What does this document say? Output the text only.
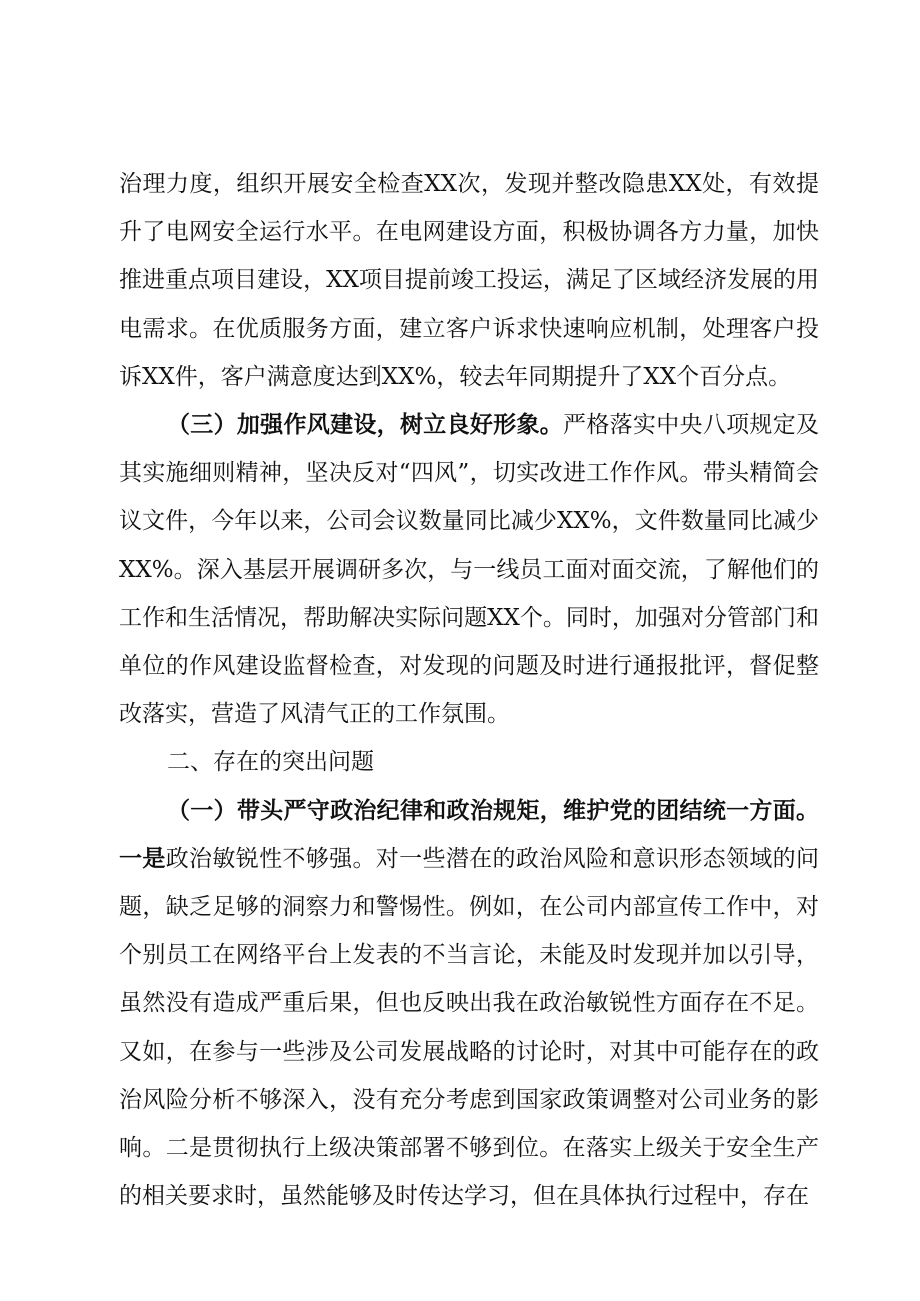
治理力度，组织开展安全检查XX次，发现并整改隐患XX处，有效提升了电网安全运行水平。在电网建设方面，积极协调各方力量，加快推进重点项目建设，XX项目提前竣工投运，满足了区域经济发展的用电需求。在优质服务方面，建立客户诉求快速响应机制，处理客户投诉XX件，客户满意度达到XX%，较去年同期提升了XX个百分点。

（三）加强作风建设，树立良好形象。严格落实中央八项规定及其实施细则精神，坚决反对“四风”，切实改进工作作风。带头精简会议文件，今年以来，公司会议数量同比减少XX%，文件数量同比减少XX%。深入基层开展调研多次，与一线员工面对面交流，了解他们的工作和生活情况，帮助解决实际问题XX个。同时，加强对分管部门和单位的作风建设监督检查，对发现的问题及时进行通报批评，督促整改落实，营造了风清气正的工作氛围。

二、存在的突出问题

（一）带头严守政治纪律和政治规矩，维护党的团结统一方面。一是政治敏锐性不够强。对一些潜在的政治风险和意识形态领域的问题，缺乏足够的洞察力和警惕性。例如，在公司内部宣传工作中，对个别员工在网络平台上发表的不当言论，未能及时发现并加以引导，虽然没有造成严重后果，但也反映出我在政治敏锐性方面存在不足。又如，在参与一些涉及公司发展战略的讨论时，对其中可能存在的政治风险分析不够深入，没有充分考虑到国家政策调整对公司业务的影响。二是贯彻执行上级决策部署不够到位。在落实上级关于安全生产的相关要求时，虽然能够及时传达学习，但在具体执行过程中，存在
